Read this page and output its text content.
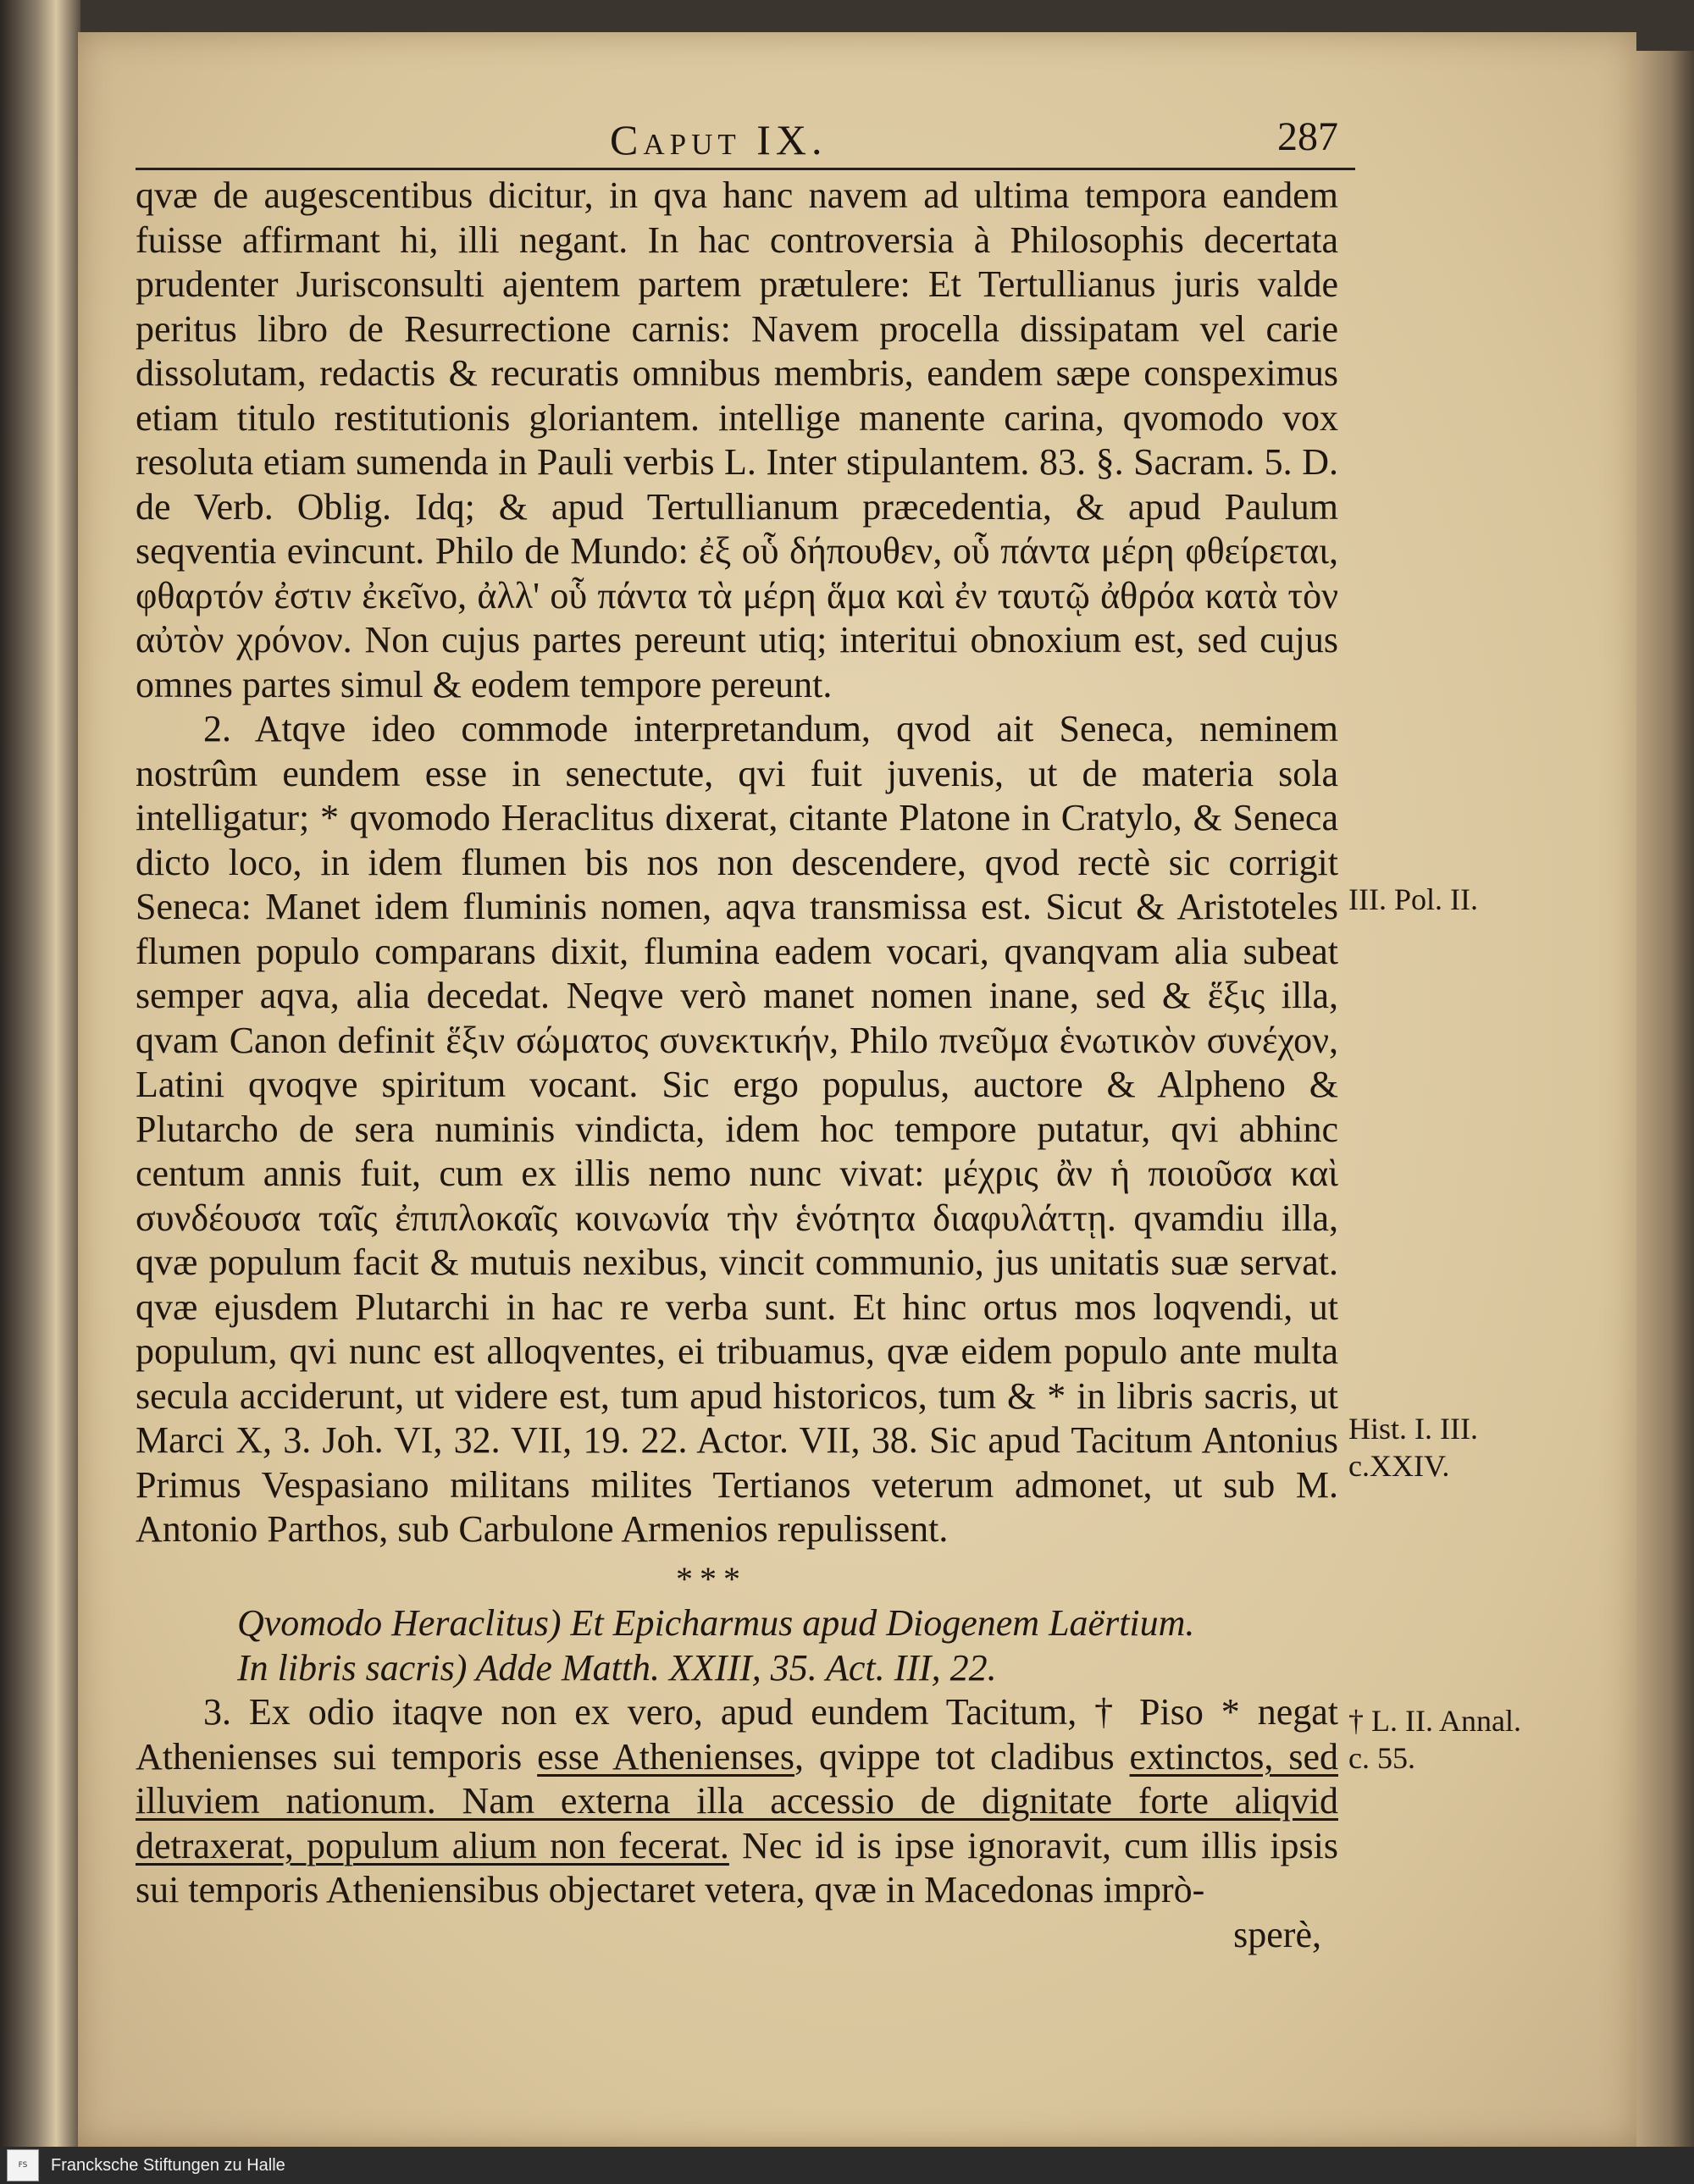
Caput IX.	287

qvæ de augescentibus dicitur, in qva hanc navem ad ultima tempora eandem fuisse affirmant hi, illi negant. In hac controversia à Philosophis decertata prudenter Jurisconsulti ajentem partem prætulere: Et Tertullianus juris valde peritus libro de Resurrectione carnis: Navem procella dissipatam vel carie dissolutam, redactis & recuratis omnibus membris, eandem sæpe conspeximus etiam titulo restitutionis gloriantem. intellige manente carina, qvomodo vox resoluta etiam sumenda in Pauli verbis L. Inter stipulantem. 83. §. Sacram. 5. D. de Verb. Oblig. Idq; & apud Tertullianum præcedentia, & apud Paulum seqventia evincunt. Philo de Mundo: ἐξ οὗ δήπουθεν, οὗ πάντα μέρη φθείρεται, φθαρτόν ἐστιν ἐκεῖνο, ἀλλ' οὗ πάντα τὰ μέρη ἅμα καὶ ἐν ταυτῷ ἀθρόα κατὰ τὸν αὐτὸν χρόνον. Non cujus partes pereunt utiq; interitui obnoxium est, sed cujus omnes partes simul & eodem tempore pereunt.

2. Atqve ideo commode interpretandum, qvod ait Seneca, neminem nostrûm eundem esse in senectute, qvi fuit juvenis, ut de materia sola intelligatur; * qvomodo Heraclitus dixerat, citante Platone in Cratylo, & Seneca dicto loco, in idem flumen bis nos non descendere, qvod rectè sic corrigit Seneca: Manet idem fluminis nomen, aqva transmissa est. Sicut & Aristoteles flumen populo comparans dixit, flumina eadem vocari, qvanqvam alia subeat semper aqva, alia decedat. Neqve verò manet nomen inane, sed & ἕξις illa, qvam Canon definit ἕξιν σώματος συνεκτικήν, Philo πνεῦμα ἑνωτικὸν συνέχον, Latini qvoqve spiritum vocant. Sic ergo populus, auctore & Alpheno & Plutarcho de sera numinis vindicta, idem hoc tempore putatur, qvi abhinc centum annis fuit, cum ex illis nemo nunc vivat: μέχρις ἂν ἡ ποιοῦσα καὶ συνδέουσα ταῖς ἐπιπλοκαῖς κοινωνία τὴν ἑνότητα διαφυλάττῃ. qvamdiu illa, qvæ populum facit & mutuis nexibus, vincit communio, jus unitatis suæ servat. qvæ ejusdem Plutarchi in hac re verba sunt. Et hinc ortus mos loqvendi, ut populum, qvi nunc est alloqventes, ei tribuamus, qvæ eidem populo ante multa secula acciderunt, ut videre est, tum apud historicos, tum & * in libris sacris, ut Marci X, 3. Joh. VI, 32. VII, 19. 22. Actor. VII, 38. Sic apud Tacitum Antonius Primus Vespasiano militans milites Tertianos veterum admonet, ut sub M. Antonio Parthos, sub Carbulone Armenios repulissent.

***

Qvomodo Heraclitus) Et Epicharmus apud Diogenem Laërtium.

In libris sacris) Adde Matth. XXIII, 35. Act. III, 22.

3. Ex odio itaqve non ex vero, apud eundem Tacitum, † Piso * negat Athenienses sui temporis esse Athenienses, qvippe tot cladibus extinctos, sed illuviem nationum. Nam externa illa accessio de dignitate forte aliqvid detraxerat, populum alium non fecerat. Nec id is ipse ignoravit, cum illis ipsis sui temporis Atheniensibus objectaret vetera, qvæ in Macedonas imprò-

sperè,

III. Pol. II.
Hist. I. III.
c.XXIV.
† L. II. Annal.
c. 55.
FS	Francksche Stiftungen zu Halle
